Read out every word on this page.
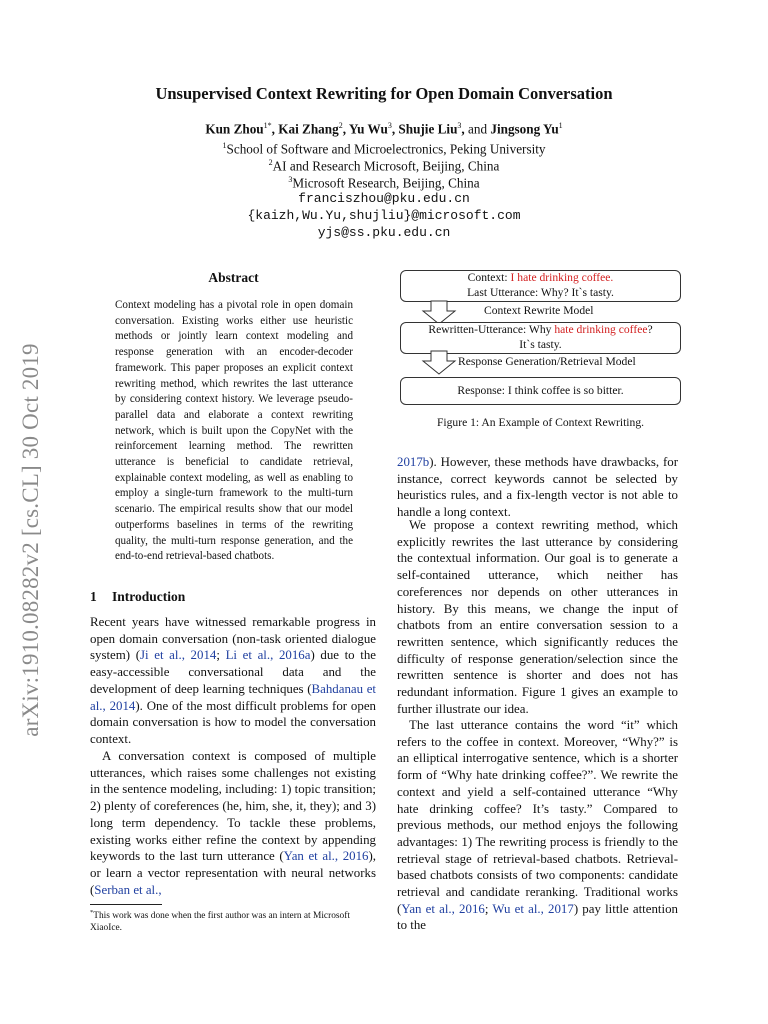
Unsupervised Context Rewriting for Open Domain Conversation
Kun Zhou$^{1*}$, Kai Zhang$^2$, Yu Wu$^3$, Shujie Liu$^3$, and Jingsong Yu$^1$
$^1$School of Software and Microelectronics, Peking University
$^2$AI and Research Microsoft, Beijing, China
$^3$Microsoft Research, Beijing, China
franciszhou@pku.edu.cn
{kaizh,Wu.Yu,shujliu}@microsoft.com
yjs@ss.pku.edu.cn
arXiv:1910.08282v2 [cs.CL] 30 Oct 2019
Abstract
Context modeling has a pivotal role in open domain conversation. Existing works either use heuristic methods or jointly learn context modeling and response generation with an encoder-decoder framework. This paper proposes an explicit context rewriting method, which rewrites the last utterance by considering context history. We leverage pseudo-parallel data and elaborate a context rewriting network, which is built upon the CopyNet with the reinforcement learning method. The rewritten utterance is beneficial to candidate retrieval, explainable context modeling, as well as enabling to employ a single-turn framework to the multi-turn scenario. The empirical results show that our model outperforms baselines in terms of the rewriting quality, the multi-turn response generation, and the end-to-end retrieval-based chatbots.
1 Introduction

Recent years have witnessed remarkable progress in open domain conversation (non-task oriented dialogue system) (Ji et al., 2014; Li et al., 2016a) due to the easy-accessible conversational data and the development of deep learning techniques (Bahdanau et al., 2014). One of the most difficult problems for open domain conversation is how to model the conversation context.

A conversation context is composed of multiple utterances, which raises some challenges not existing in the sentence modeling, including: 1) topic transition; 2) plenty of coreferences (he, him, she, it, they); and 3) long term dependency. To tackle these problems, existing works either refine the context by appending keywords to the last turn utterance (Yan et al., 2016), or learn a vector representation with neural networks (Serban et al.,

*This work was done when the first author was an intern at Microsoft XiaoIce.
Context: I hate drinking coffee.
Last Utterance: Why? It`s tasty.
Context Rewrite Model
Rewritten-Utterance: Why hate drinking coffee?
It`s tasty.
Response Generation/Retrieval Model
Response: I think coffee is so bitter.
Figure 1: An Example of Context Rewriting.

2017b). However, these methods have drawbacks, for instance, correct keywords cannot be selected by heuristics rules, and a fix-length vector is not able to handle a long context.

We propose a context rewriting method, which explicitly rewrites the last utterance by considering the contextual information. Our goal is to generate a self-contained utterance, which neither has coreferences nor depends on other utterances in history. By this means, we change the input of chatbots from an entire conversation session to a rewritten sentence, which significantly reduces the difficulty of response generation/selection since the rewritten sentence is shorter and does not has redundant information. Figure 1 gives an example to further illustrate our idea.

The last utterance contains the word “it” which refers to the coffee in context. Moreover, “Why?” is an elliptical interrogative sentence, which is a shorter form of “Why hate drinking coffee?”. We rewrite the context and yield a self-contained utterance “Why hate drinking coffee? It’s tasty.” Compared to previous methods, our method enjoys the following advantages: 1) The rewriting process is friendly to the retrieval stage of retrieval-based chatbots. Retrieval-based chatbots consists of two components: candidate retrieval and candidate reranking. Traditional works (Yan et al., 2016; Wu et al., 2017) pay little attention to the
